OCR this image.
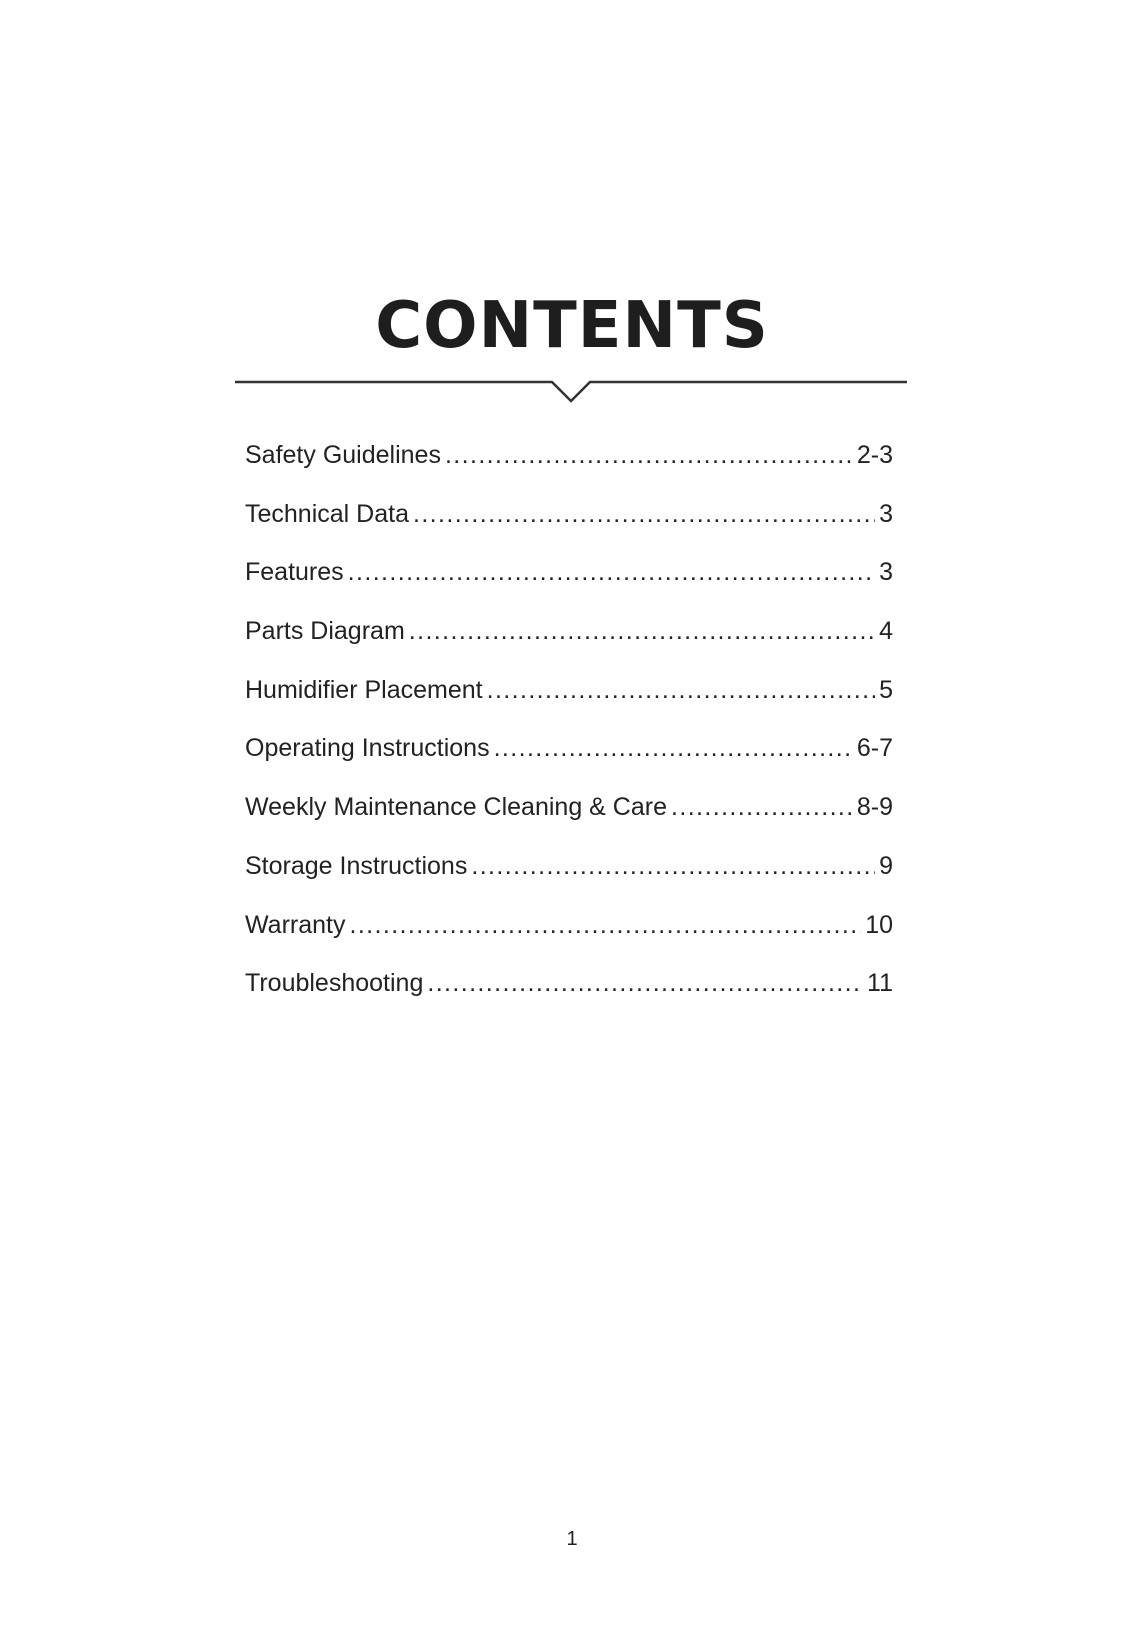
CONTENTS
Safety Guidelines .....	2-3
Technical Data .....	3
Features .....	3
Parts Diagram .....	4
Humidifier Placement .....	5
Operating Instructions .....	6-7
Weekly Maintenance Cleaning & Care .....	8-9
Storage Instructions .....	9
Warranty .....	10
Troubleshooting .....	11
1
